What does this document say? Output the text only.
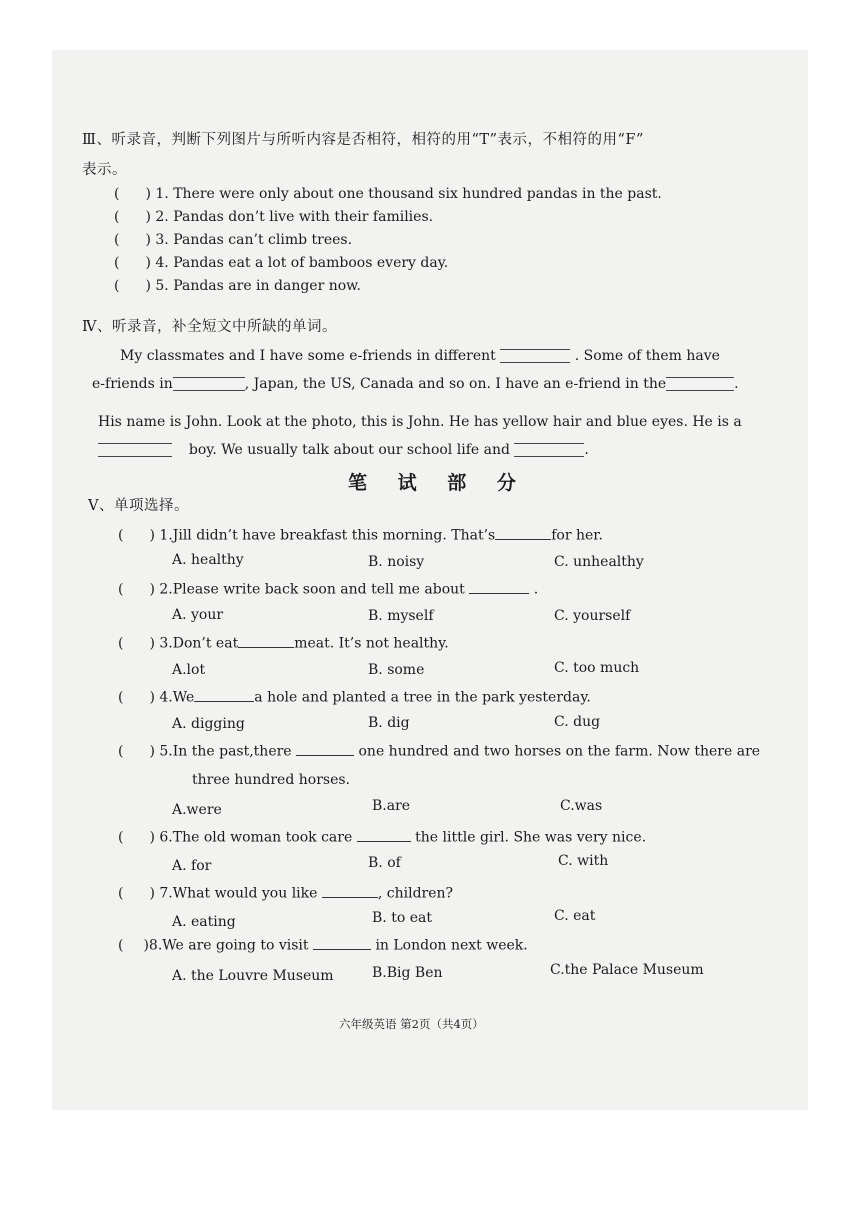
Ⅲ、听录音，判断下列图片与所听内容是否相符，相符的用“T”表示，不相符的用“F”
表示。
( ) 1. There were only about one thousand six hundred pandas in the past.
( ) 2. Pandas don’t live with their families.
( ) 3. Pandas can’t climb trees.
( ) 4. Pandas eat a lot of bamboos every day.
( ) 5. Pandas are in danger now.
Ⅳ、听录音，补全短文中所缺的单词。
My classmates and I have some e-friends in different	. Some of them have
e-friends in	, Japan, the US, Canada and so on. I have an e-friend in the	.
His name is John. Look at the photo, this is John. He has yellow hair and blue eyes. He is a
boy. We usually talk about our school life and	.
笔 试 部 分
Ⅴ、单项选择。
( ) 1.Jill didn’t have breakfast this morning. That’s	for her.
A. healthy	B. noisy	C. unhealthy
( ) 2.Please write back soon and tell me about	.
A. your	B. myself	C. yourself
( ) 3.Don’t eat	meat. It’s not healthy.
A.lot	B. some	C. too much
( ) 4.We	a hole and planted a tree in the park yesterday.
A. digging	B. dig	C. dug
( ) 5.In the past,there	one hundred and two horses on the farm. Now there are
three hundred horses.
A.were	B.are	C.was
( ) 6.The old woman took care	the little girl. She was very nice.
A. for	B. of	C. with
( ) 7.What would you like	, children?
A. eating	B. to eat	C. eat
( )8.We are going to visit	in London next week.
A. the Louvre Museum	B.Big Ben	C.the Palace Museum
六年级英语 第2页（共4页）
